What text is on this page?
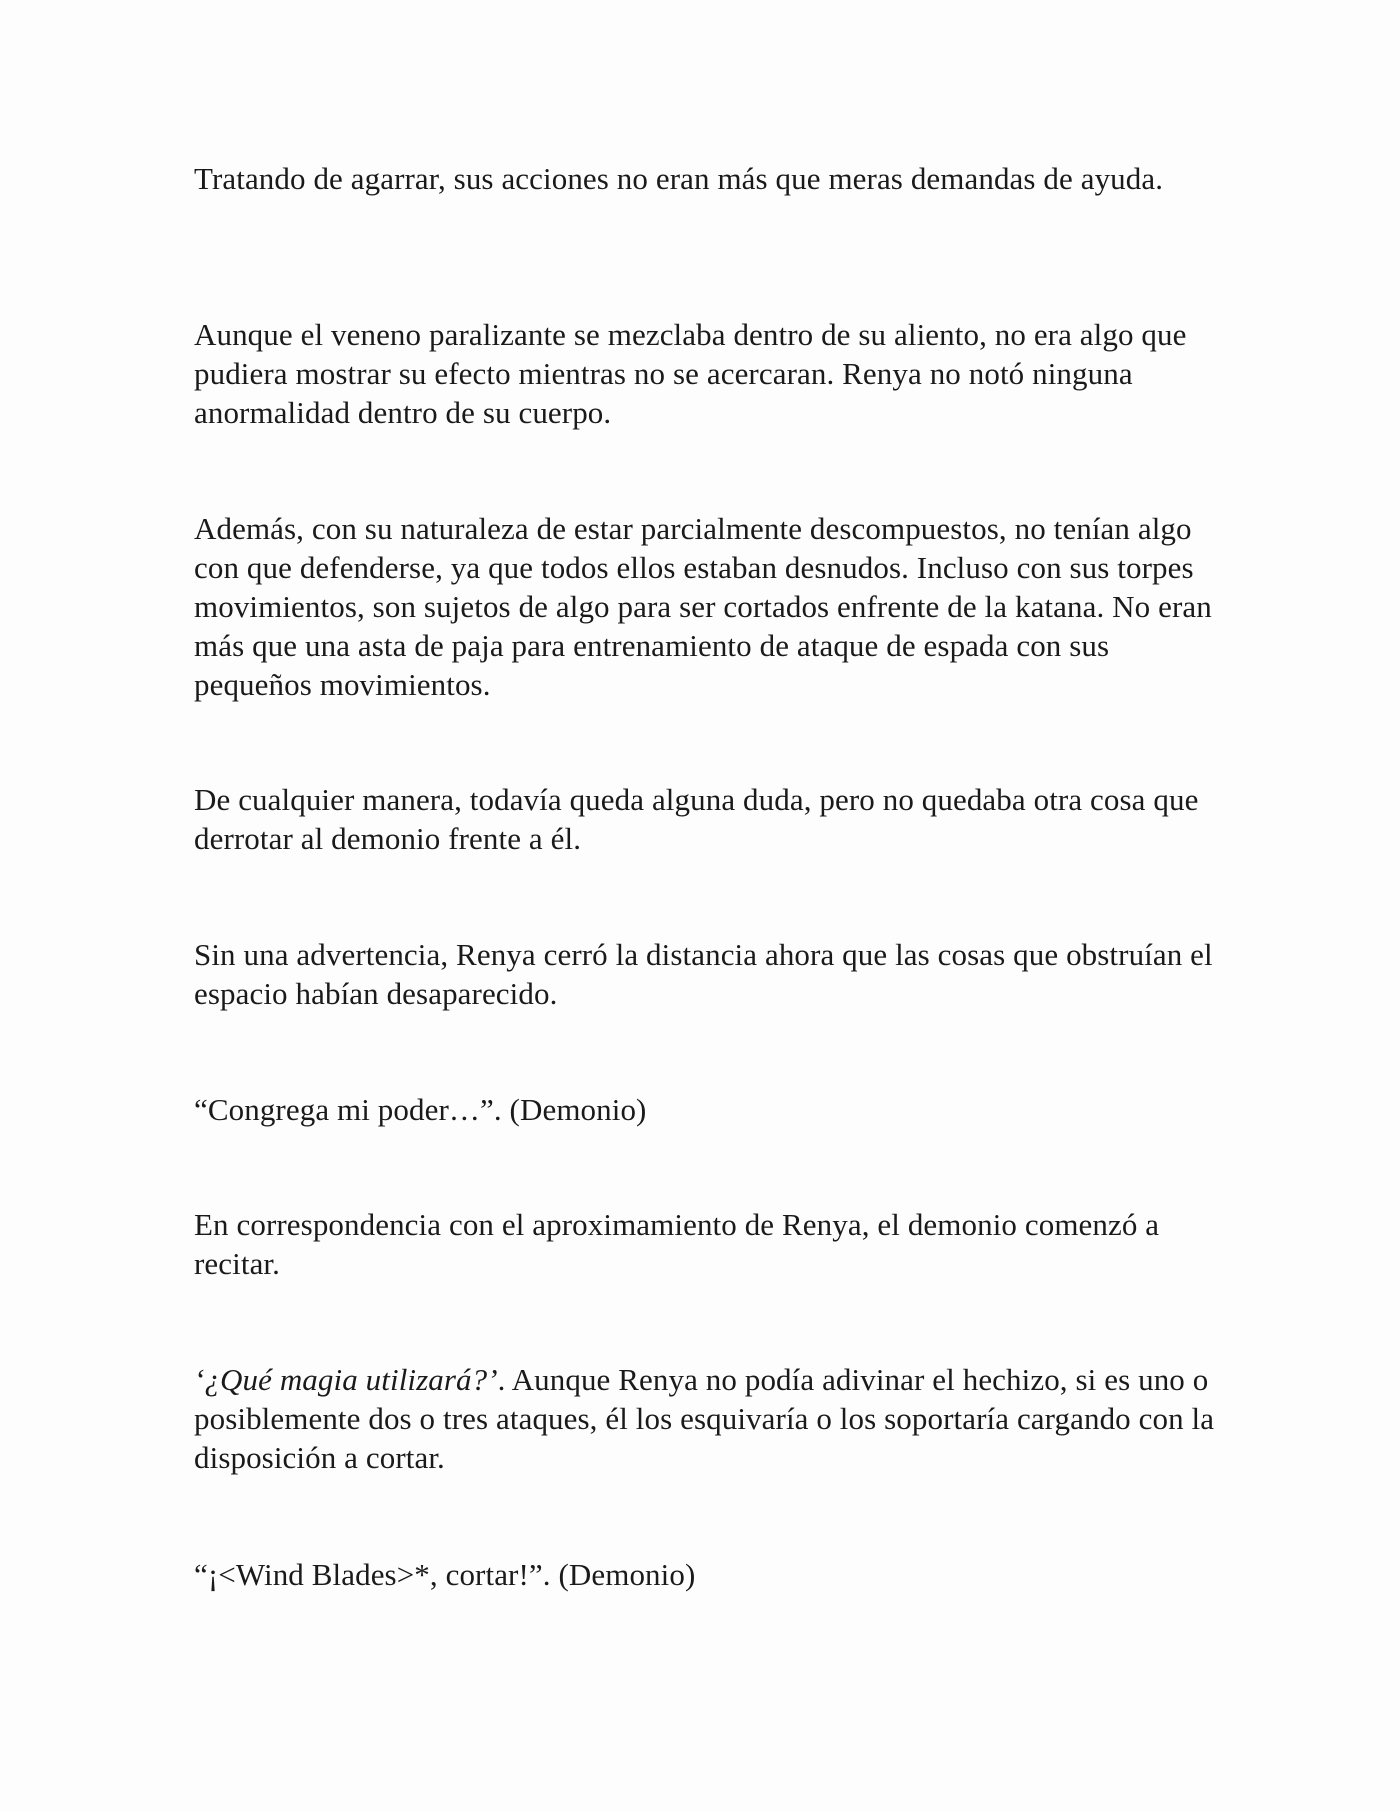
Tratando de agarrar, sus acciones no eran más que meras demandas de ayuda.

Aunque el veneno paralizante se mezclaba dentro de su aliento, no era algo que pudiera mostrar su efecto mientras no se acercaran. Renya no notó ninguna anormalidad dentro de su cuerpo.

Además, con su naturaleza de estar parcialmente descompuestos, no tenían algo con que defenderse, ya que todos ellos estaban desnudos. Incluso con sus torpes movimientos, son sujetos de algo para ser cortados enfrente de la katana. No eran más que una asta de paja para entrenamiento de ataque de espada con sus pequeños movimientos.

De cualquier manera, todavía queda alguna duda, pero no quedaba otra cosa que derrotar al demonio frente a él.

Sin una advertencia, Renya cerró la distancia ahora que las cosas que obstruían el espacio habían desaparecido.

“Congrega mi poder…”. (Demonio)

En correspondencia con el aproximamiento de Renya, el demonio comenzó a recitar.

‘¿Qué magia utilizará?’. Aunque Renya no podía adivinar el hechizo, si es uno o posiblemente dos o tres ataques, él los esquivaría o los soportaría cargando con la disposición a cortar.

“¡<Wind Blades>*, cortar!”. (Demonio)
